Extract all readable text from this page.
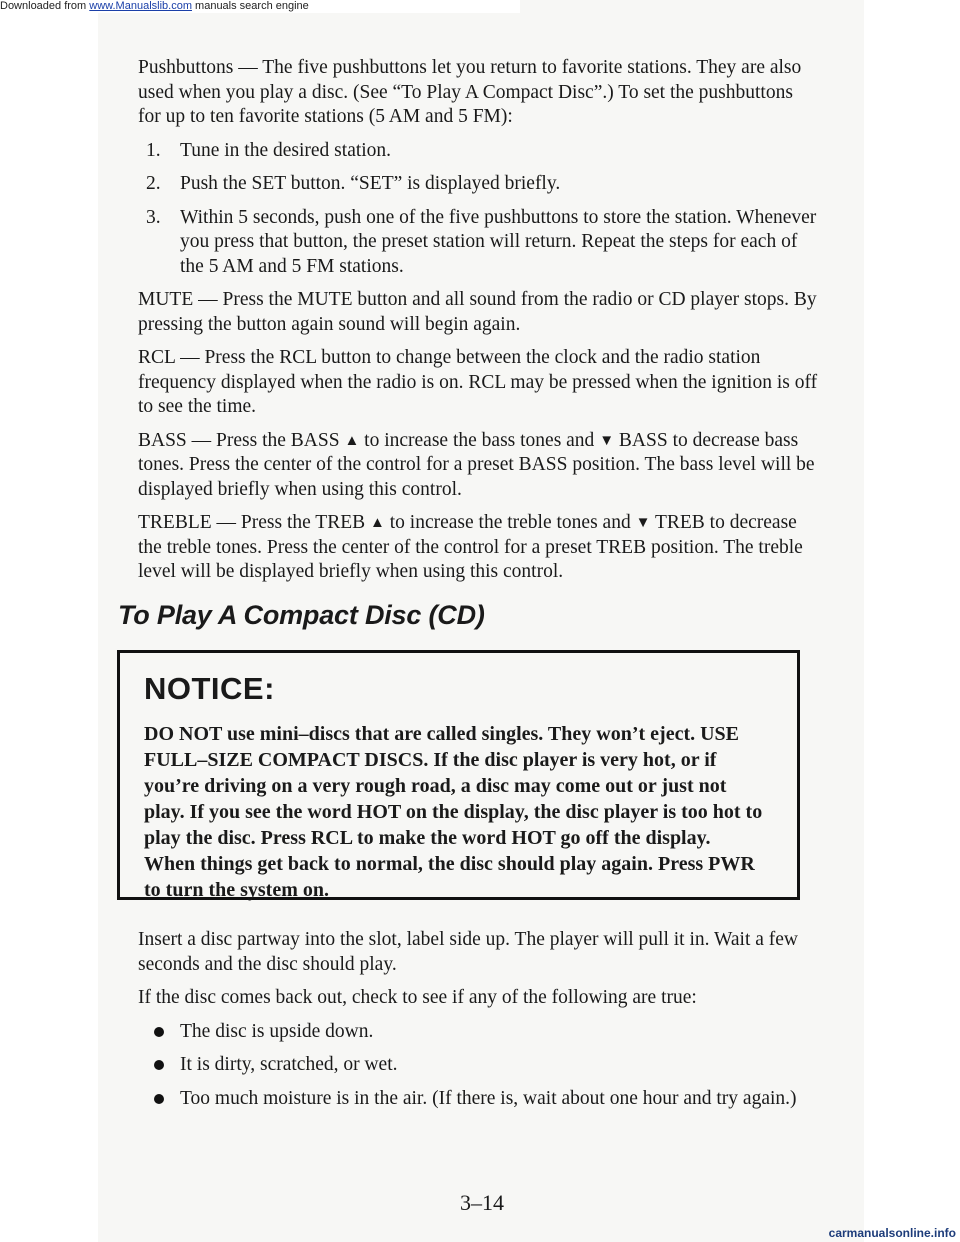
Downloaded from www.Manualslib.com manuals search engine

Pushbuttons — The five pushbuttons let you return to favorite stations. They are also used when you play a disc. (See “To Play A Compact Disc”.) To set the pushbuttons for up to ten favorite stations (5 AM and 5 FM):

1. Tune in the desired station.
2. Push the SET button. “SET” is displayed briefly.
3. Within 5 seconds, push one of the five pushbuttons to store the station. Whenever you press that button, the preset station will return. Repeat the steps for each of the 5 AM and 5 FM stations.

MUTE — Press the MUTE button and all sound from the radio or CD player stops. By pressing the button again sound will begin again.

RCL — Press the RCL button to change between the clock and the radio station frequency displayed when the radio is on. RCL may be pressed when the ignition is off to see the time.

BASS — Press the BASS ▲ to increase the bass tones and ▼ BASS to decrease bass tones. Press the center of the control for a preset BASS position. The bass level will be displayed briefly when using this control.

TREBLE — Press the TREB ▲ to increase the treble tones and ▼ TREB to decrease the treble tones. Press the center of the control for a preset TREB position. The treble level will be displayed briefly when using this control.

To Play A Compact Disc (CD)
NOTICE:

DO NOT use mini–discs that are called singles. They won’t eject. USE FULL–SIZE COMPACT DISCS. If the disc player is very hot, or if you’re driving on a very rough road, a disc may come out or just not play. If you see the word HOT on the display, the disc player is too hot to play the disc. Press RCL to make the word HOT go off the display. When things get back to normal, the disc should play again. Press PWR to turn the system on.

Insert a disc partway into the slot, label side up. The player will pull it in. Wait a few seconds and the disc should play.

If the disc comes back out, check to see if any of the following are true:

The disc is upside down.
It is dirty, scratched, or wet.
Too much moisture is in the air. (If there is, wait about one hour and try again.)
3–14
carmanualsonline.info
